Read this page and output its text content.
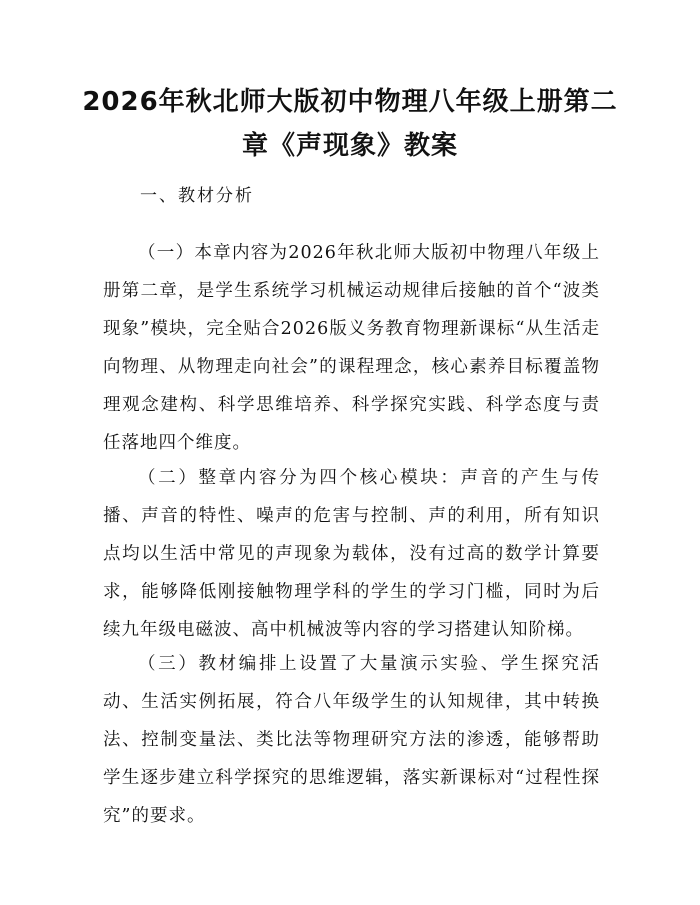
2026年秋北师大版初中物理八年级上册第二
章《声现象》教案
一、教材分析

（一）本章内容为2026年秋北师大版初中物理八年级上册第二章，是学生系统学习机械运动规律后接触的首个“波类现象”模块，完全贴合2026版义务教育物理新课标“从生活走向物理、从物理走向社会”的课程理念，核心素养目标覆盖物理观念建构、科学思维培养、科学探究实践、科学态度与责任落地四个维度。

（二）整章内容分为四个核心模块：声音的产生与传播、声音的特性、噪声的危害与控制、声的利用，所有知识点均以生活中常见的声现象为载体，没有过高的数学计算要求，能够降低刚接触物理学科的学生的学习门槛，同时为后续九年级电磁波、高中机械波等内容的学习搭建认知阶梯。

（三）教材编排上设置了大量演示实验、学生探究活动、生活实例拓展，符合八年级学生的认知规律，其中转换法、控制变量法、类比法等物理研究方法的渗透，能够帮助学生逐步建立科学探究的思维逻辑，落实新课标对“过程性探究”的要求。
